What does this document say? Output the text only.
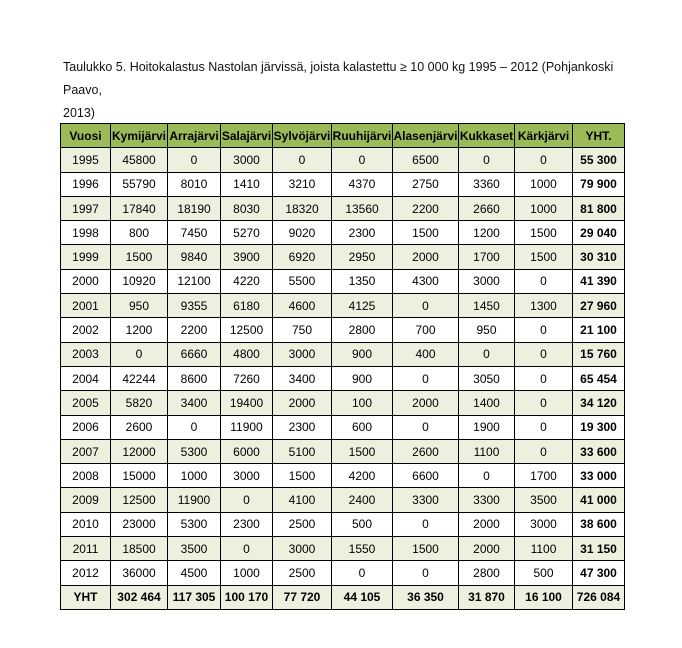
Taulukko 5. Hoitokalastus Nastolan järvissä, joista kalastettu ≥ 10 000 kg 1995 – 2012 (Pohjankoski Paavo,
2013)
Vuosi	Kymijärvi	Arrajärvi	Salajärvi	Sylvöjärvi	Ruuhijärvi	Alasenjärvi	Kukkaset	Kärkjärvi	YHT.
1995	45800	0	3000	0	0	6500	0	0	55 300
1996	55790	8010	1410	3210	4370	2750	3360	1000	79 900
1997	17840	18190	8030	18320	13560	2200	2660	1000	81 800
1998	800	7450	5270	9020	2300	1500	1200	1500	29 040
1999	1500	9840	3900	6920	2950	2000	1700	1500	30 310
2000	10920	12100	4220	5500	1350	4300	3000	0	41 390
2001	950	9355	6180	4600	4125	0	1450	1300	27 960
2002	1200	2200	12500	750	2800	700	950	0	21 100
2003	0	6660	4800	3000	900	400	0	0	15 760
2004	42244	8600	7260	3400	900	0	3050	0	65 454
2005	5820	3400	19400	2000	100	2000	1400	0	34 120
2006	2600	0	11900	2300	600	0	1900	0	19 300
2007	12000	5300	6000	5100	1500	2600	1100	0	33 600
2008	15000	1000	3000	1500	4200	6600	0	1700	33 000
2009	12500	11900	0	4100	2400	3300	3300	3500	41 000
2010	23000	5300	2300	2500	500	0	2000	3000	38 600
2011	18500	3500	0	3000	1550	1500	2000	1100	31 150
2012	36000	4500	1000	2500	0	0	2800	500	47 300
YHT	302 464	117 305	100 170	77 720	44 105	36 350	31 870	16 100	726 084
